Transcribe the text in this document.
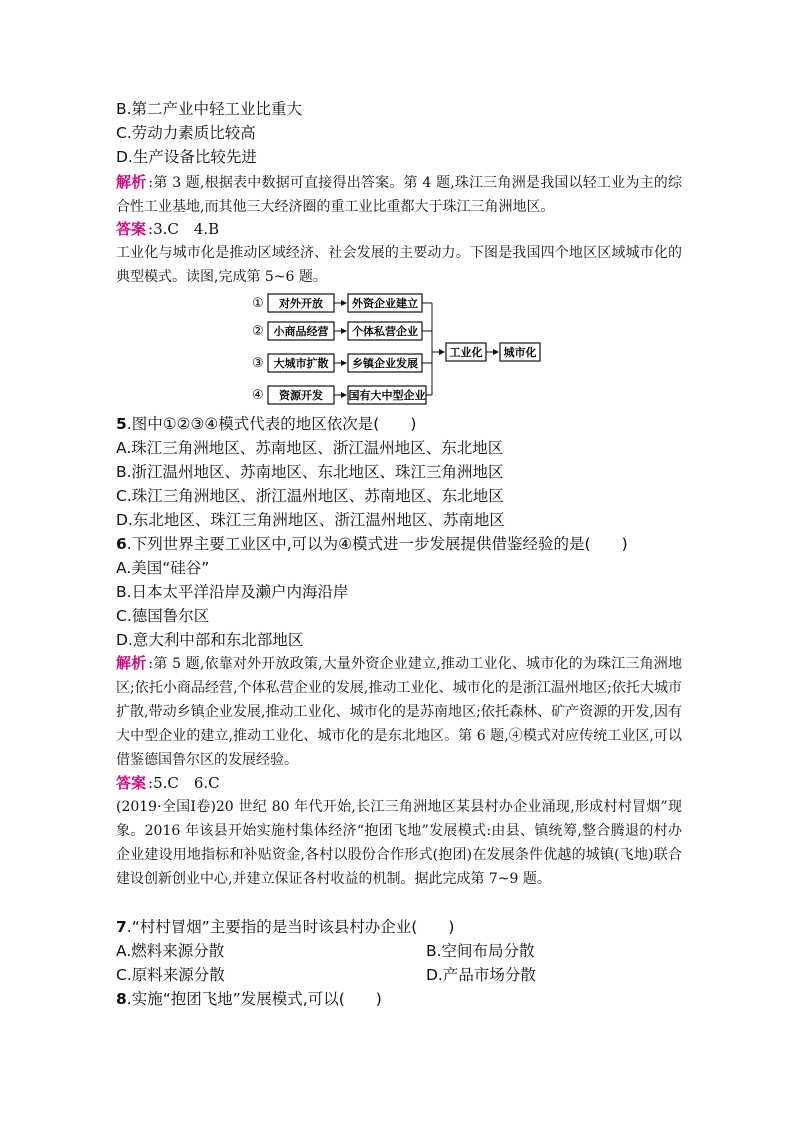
B.第二产业中轻工业比重大
C.劳动力素质比较高
D.生产设备比较先进
解析 :第 3 题,根据表中数据可直接得出答案。第 4 题,珠江三角洲是我国以轻工业为主的综合性工业基地,而其他三大经济圈的重工业比重都大于珠江三角洲地区。
答案 :3.C　4.B
工业化与城市化是推动区域经济、社会发展的主要动力。下图是我国四个地区区域城市化的典型模式。读图,完成第 5~6 题。
① 对外开放	外资企业建立
② 小商品经营 个体私营企业
③ 大城市扩散 乡镇企业发展
④ 资源开发 国有大中型企业
工业化 城市化
5.图中①②③④模式代表的地区依次是(　　)
A.珠江三角洲地区、苏南地区、浙江温州地区、东北地区
B.浙江温州地区、苏南地区、东北地区、珠江三角洲地区
C.珠江三角洲地区、浙江温州地区、苏南地区、东北地区
D.东北地区、珠江三角洲地区、浙江温州地区、苏南地区
6.下列世界主要工业区中,可以为④模式进一步发展提供借鉴经验的是(　　)
A.美国“硅谷”
B.日本太平洋沿岸及濑户内海沿岸
C.德国鲁尔区
D.意大利中部和东北部地区
解析 :第 5 题,依靠对外开放政策,大量外资企业建立,推动工业化、城市化的为珠江三角洲地区;依托小商品经营,个体私营企业的发展,推动工业化、城市化的是浙江温州地区;依托大城市扩散,带动乡镇企业发展,推动工业化、城市化的是苏南地区;依托森林、矿产资源的开发,因有大中型企业的建立,推动工业化、城市化的是东北地区。第 6 题,④模式对应传统工业区,可以借鉴德国鲁尔区的发展经验。
答案 :5.C　6.C
(2019·全国Ⅰ卷)20 世纪 80 年代开始,长江三角洲地区某县村办企业涌现,形成村村冒烟”现象。2016 年该县开始实施村集体经济“抱团飞地”发展模式:由县、镇统筹,整合腾退的村办企业建设用地指标和补贴资金,各村以股份合作形式(抱团)在发展条件优越的城镇(飞地)联合建设创新创业中心,并建立保证各村收益的机制。据此完成第 7~9 题。
7.“村村冒烟”主要指的是当时该县村办企业(　　)
A.燃料来源分散	B.空间布局分散
C.原料来源分散	D.产品市场分散
8.实施“抱团飞地”发展模式,可以(　　)
